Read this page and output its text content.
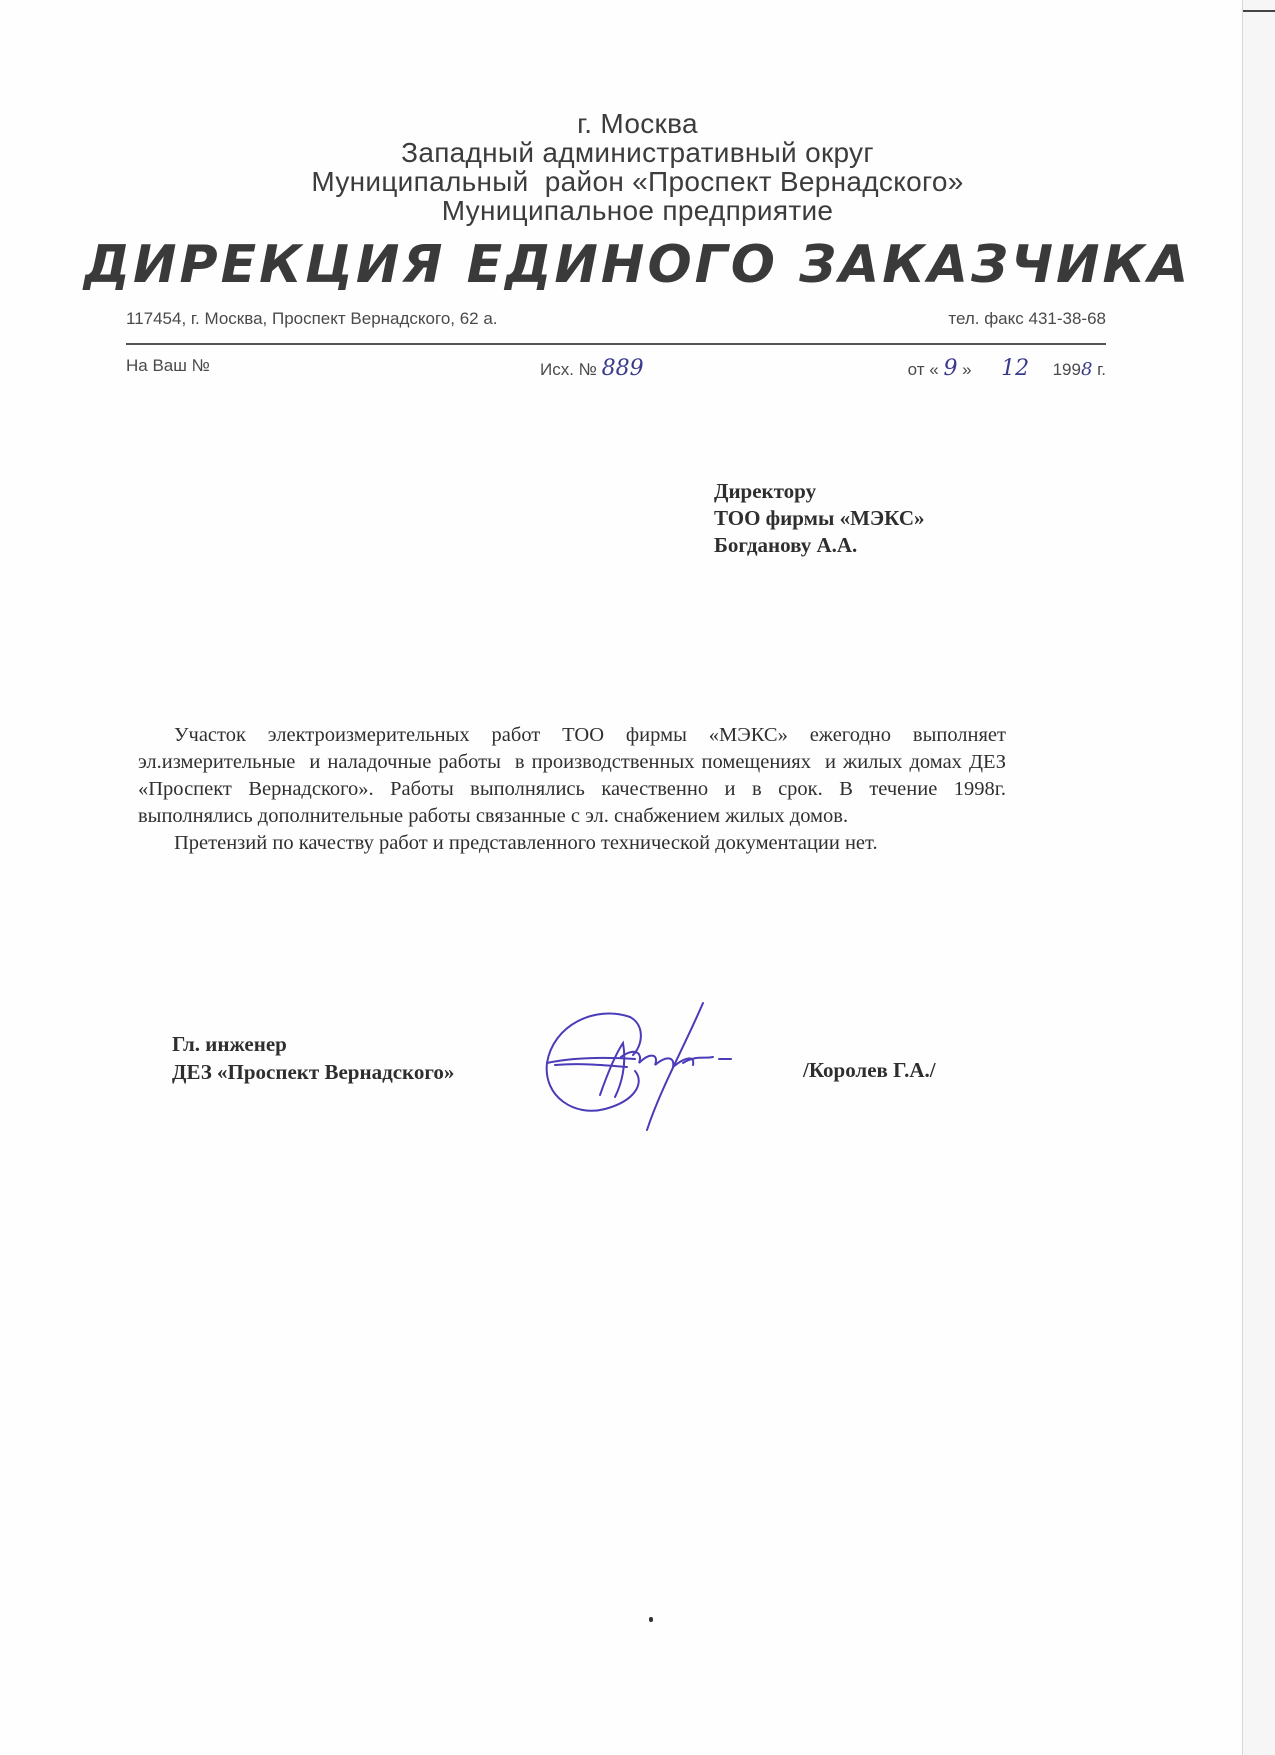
г. Москва
Западный административный округ
Муниципальный  район «Проспект Вернадского»
Муниципальное предприятие
ДИРЕКЦИЯ ЕДИНОГО ЗАКАЗЧИКА
117454, г. Москва, Проспект Вернадского, 62 а.	тел. факс 431-38-68
На Ваш №	Исх. № 889	от « 9 » 12 1998 г.
Директору
ТОО фирмы «МЭКС»
Богданову А.А.

Участок электроизмерительных работ ТОО фирмы «МЭКС» ежегодно выполняет эл.измерительные  и наладочные работы  в производственных помещениях  и жилых домах ДЕЗ «Проспект Вернадского». Работы выполнялись качественно и в срок. В течение 1998г. выполнялись дополнительные работы связанные с эл. снабжением жилых домов.

Претензий по качеству работ и представленного технической документации нет.

Гл. инженер
ДЕЗ «Проспект Вернадского»	/Королев Г.А./
